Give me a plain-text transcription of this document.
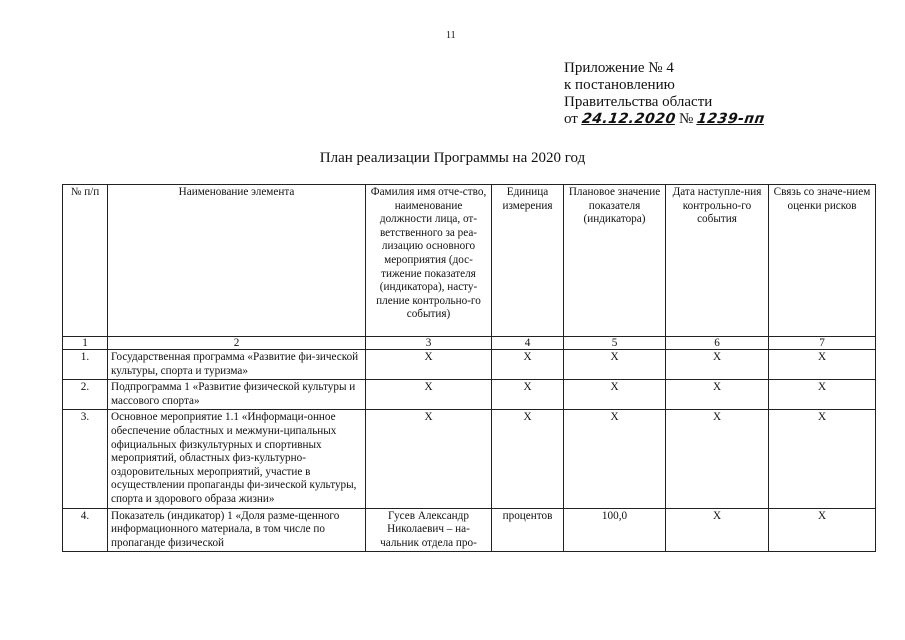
11
Приложение № 4
к постановлению
Правительства области
от 24.12.2020 № 1239-пп
План реализации Программы на 2020 год
№ п/п	Наименование элемента	Фамилия имя отче-ство, наименование должности лица, от-ветственного за реа-лизацию основного мероприятия (дос-тижение показателя (индикатора), насту-пление контрольно-го события)	Единица измерения	Плановое значение показателя (индикатора)	Дата наступле-ния контрольно-го события	Связь со значе-нием оценки рисков
1	2	3	4	5	6	7
1.	Государственная программа «Развитие фи-зической культуры, спорта и туризма»	X	X	X	X	X
2.	Подпрограмма 1 «Развитие физической культуры и массового спорта»	X	X	X	X	X
3.	Основное мероприятие 1.1 «Информаци-онное обеспечение областных и межмуни-ципальных официальных физкультурных и спортивных мероприятий, областных физ-культурно-оздоровительных мероприятий, участие в осуществлении пропаганды фи-зической культуры, спорта и здорового образа жизни»	X	X	X	X	X

4.	Показатель (индикатор) 1 «Доля разме-щенного информационного материала, в том числе по пропаганде физической	Гусев Александр Николаевич – на-чальник отдела про-	процентов	100,0	X	X
